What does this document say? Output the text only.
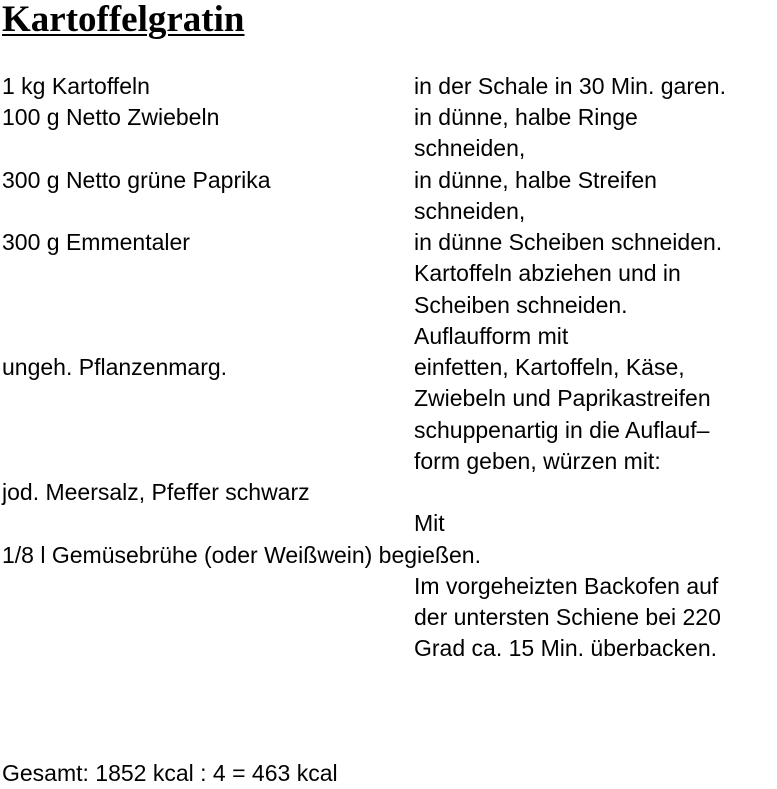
Kartoffelgratin
1 kg Kartoffeln	in der Schale in 30 Min. garen.
100 g Netto Zwiebeln	in dünne, halbe Ringe
schneiden,
300 g Netto grüne Paprika	in dünne, halbe Streifen
schneiden,
300 g Emmentaler	in dünne Scheiben schneiden.
Kartoffeln abziehen und in
Scheiben schneiden.
Auflaufform mit
ungeh. Pflanzenmarg.	einfetten, Kartoffeln, Käse,
Zwiebeln und Paprikastreifen
schuppenartig in die Auflauf–
form geben, würzen mit:
jod. Meersalz, Pfeffer schwarz
Mit
1/8 l Gemüsebrühe (oder Weißwein) begießen.
Im vorgeheizten Backofen auf
der untersten Schiene bei 220
Grad ca. 15 Min. überbacken.
Gesamt: 1852 kcal : 4 = 463 kcal
